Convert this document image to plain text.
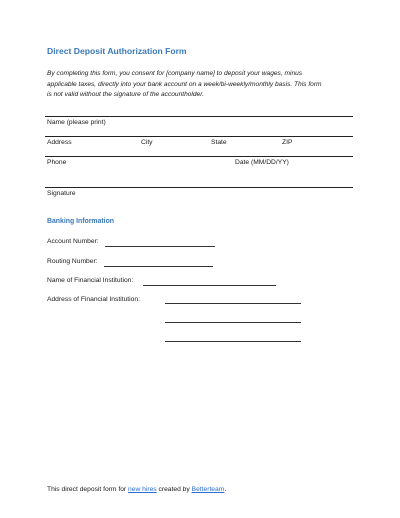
Direct Deposit Authorization Form
By completing this form, you consent for [company name] to deposit your wages, minus
applicable taxes, directly into your bank account on a week/bi-weekly/monthly basis. This form
is not valid without the signature of the accountholder.
Name (please print)
Address	City	State	ZIP
Phone	Date (MM/DD/YY)
Signature
Banking Information
Account Number:
Routing Number:
Name of Financial Institution:
Address of Financial Institution:
This direct deposit form for new hires created by Betterteam.
